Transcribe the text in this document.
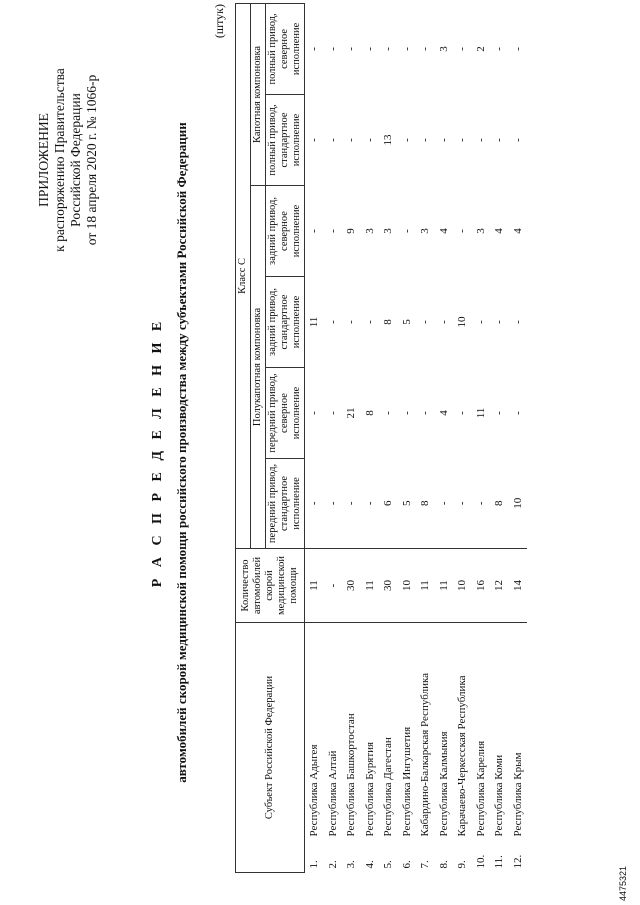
ПРИЛОЖЕНИЕ к распоряжению Правительства Российской Федерации от 18 апреля 2020 г. № 1066-р
Р А С П Р Е Д Е Л Е Н И Е автомобилей скорой медицинской помощи российского производства между субъектами Российской Федерации
(штук)
Субъект Российской Федерации		Количество автомобилей скорой медицинской помощи	Класс С					
			Полукапотная компоновка				Капотная компоновка	
			передний привод, стандартное исполнение	передний привод, северное исполнение	задний привод, стандартное исполнение	задний привод, северное исполнение	полный привод, стандартное исполнение	полный привод, северное исполнение
1.	Республика Адыгея	11	-	-	11	-	-	-
2.	Республика Алтай	-	-	-	-	-	-	-
3.	Республика Башкортостан	30	-	21	-	9	-	-
4.	Республика Бурятия	11	-	8	-	3	-	-
5.	Республика Дагестан	30	6	-	8	3	13	-
6.	Республика Ингушетия	10	5	-	5	-	-	-
7.	Кабардино-Балкарская Республика	11	8	-	-	3	-	-
8.	Республика Калмыкия	11	-	4	-	4	-	3
9.	Карачаево-Черкесская Республика	10	-	-	10	-	-	-
10.	Республика Карелия	16	-	11	-	3	-	2
11.	Республика Коми	12	8	-	-	4	-	-
12.	Республика Крым	14	10	-	-	4	-	-
4475321
